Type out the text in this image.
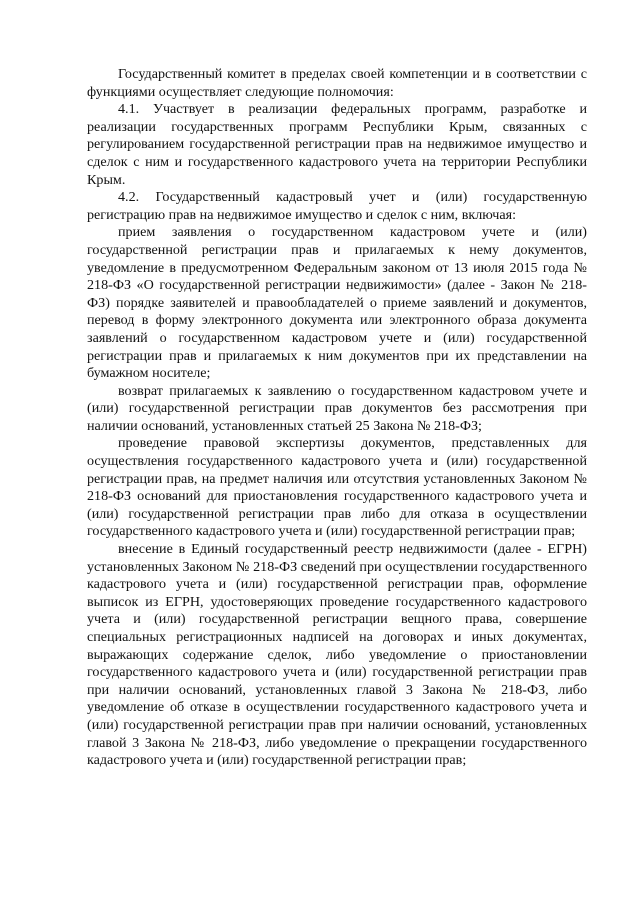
Государственный комитет в пределах своей компетенции и в соответствии с функциями осуществляет следующие полномочия:

4.1. Участвует в реализации федеральных программ, разработке и реализации государственных программ Республики Крым, связанных с регулированием государственной регистрации прав на недвижимое имущество и сделок с ним и государственного кадастрового учета на территории Республики Крым.

4.2. Государственный кадастровый учет и (или) государственную регистрацию прав на недвижимое имущество и сделок с ним, включая:

прием заявления о государственном кадастровом учете и (или) государственной регистрации прав и прилагаемых к нему документов, уведомление в предусмотренном Федеральным законом от 13 июля 2015 года № 218-ФЗ «О государственной регистрации недвижимости» (далее - Закон № 218-ФЗ) порядке заявителей и правообладателей о приеме заявлений и документов, перевод в форму электронного документа или электронного образа документа заявлений о государственном кадастровом учете и (или) государственной регистрации прав и прилагаемых к ним документов при их представлении на бумажном носителе;

возврат прилагаемых к заявлению о государственном кадастровом учете и (или) государственной регистрации прав документов без рассмотрения при наличии оснований, установленных статьей 25 Закона № 218-ФЗ;

проведение правовой экспертизы документов, представленных для осуществления государственного кадастрового учета и (или) государственной регистрации прав, на предмет наличия или отсутствия установленных Законом № 218-ФЗ оснований для приостановления государственного кадастрового учета и (или) государственной регистрации прав либо для отказа в осуществлении государственного кадастрового учета и (или) государственной регистрации прав;

внесение в Единый государственный реестр недвижимости (далее - ЕГРН) установленных Законом № 218-ФЗ сведений при осуществлении государственного кадастрового учета и (или) государственной регистрации прав, оформление выписок из ЕГРН, удостоверяющих проведение государственного кадастрового учета и (или) государственной регистрации вещного права, совершение специальных регистрационных надписей на договорах и иных документах, выражающих содержание сделок, либо уведомление о приостановлении государственного кадастрового учета и (или) государственной регистрации прав при наличии оснований, установленных главой 3 Закона № 218-ФЗ, либо уведомление об отказе в осуществлении государственного кадастрового учета и (или) государственной регистрации прав при наличии оснований, установленных главой 3 Закона № 218-ФЗ, либо уведомление о прекращении государственного кадастрового учета и (или) государственной регистрации прав;
